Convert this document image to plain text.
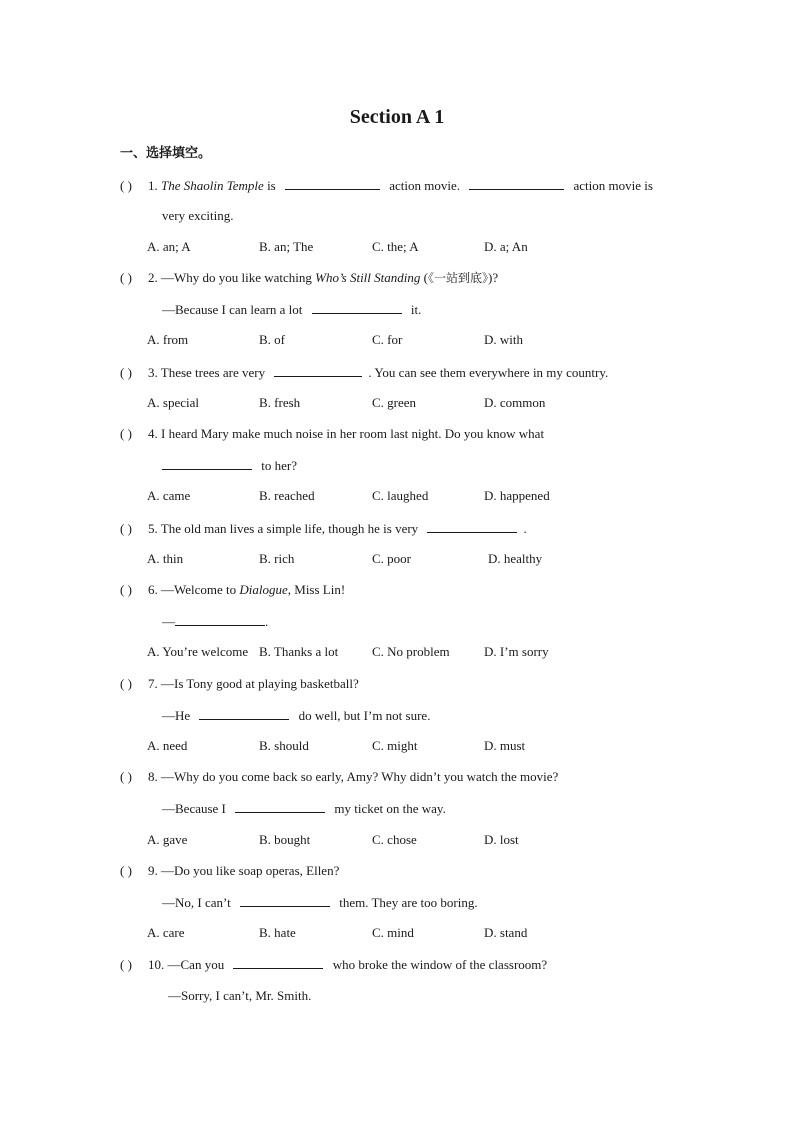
Section A 1
一、选择填空。
( ) 1. The Shaolin Temple is	action movie.	action movie is
very exciting.
A. an; A	B. an; The	C. the; A	D. a; An
( ) 2. —Why do you like watching Who’s Still Standing (《一站到底》)?
—Because I can learn a lot	it.
A. from	B. of	C. for	D. with
( ) 3. These trees are very	. You can see them everywhere in my country.
A. special	B. fresh	C. green	D. common
( ) 4. I heard Mary make much noise in her room last night. Do you know what
to her?
A. came	B. reached	C. laughed	D. happened
( ) 5. The old man lives a simple life, though he is very	.
A. thin	B. rich	C. poor	D. healthy
( ) 6. —Welcome to Dialogue, Miss Lin!
—	.
A. You’re welcome B. Thanks a lot	C. No problem	D. I’m sorry
( ) 7. —Is Tony good at playing basketball?
—He	do well, but I’m not sure.
A. need	B. should	C. might	D. must
( ) 8. —Why do you come back so early, Amy? Why didn’t you watch the movie?
—Because I	my ticket on the way.
A. gave	B. bought	C. chose	D. lost
( ) 9. —Do you like soap operas, Ellen?
—No, I can’t	them. They are too boring.
A. care	B. hate	C. mind	D. stand
( ) 10. —Can you	who broke the window of the classroom?
—Sorry, I can’t, Mr. Smith.
